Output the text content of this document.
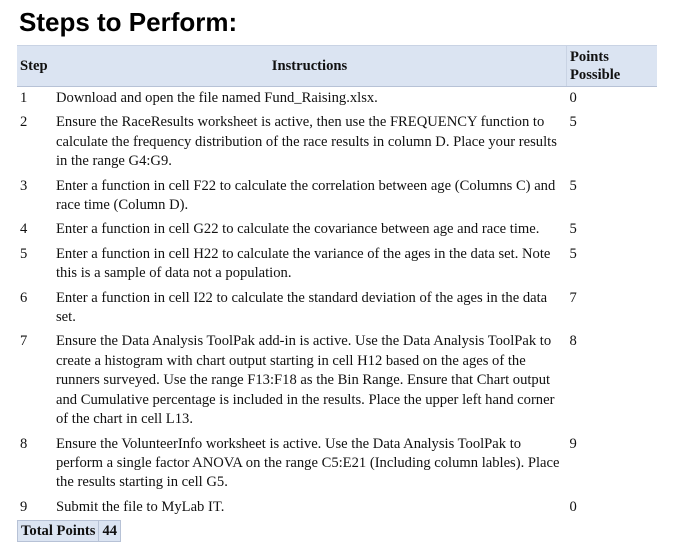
Steps to Perform:
Step	Instructions	Points
Possible
1	Download and open the file named Fund_Raising.xlsx.	0
2	Ensure the RaceResults worksheet is active, then use the FREQUENCY function to calculate the frequency distribution of the race results in column D. Place your results in the range G4:G9.	5
3	Enter a function in cell F22 to calculate the correlation between age (Columns C) and race time (Column D).	5
4	Enter a function in cell G22 to calculate the covariance between age and race time.	5
5	Enter a function in cell H22 to calculate the variance of the ages in the data set. Note this is a sample of data not a population.	5
6	Enter a function in cell I22 to calculate the standard deviation of the ages in the data set.	7
7	Ensure the Data Analysis ToolPak add-in is active. Use the Data Analysis ToolPak to create a histogram with chart output starting in cell H12 based on the ages of the runners surveyed. Use the range F13:F18 as the Bin Range. Ensure that Chart output and Cumulative percentage is included in the results. Place the upper left hand corner of the chart in cell L13.	8
8	Ensure the VolunteerInfo worksheet is active. Use the Data Analysis ToolPak to perform a single factor ANOVA on the range C5:E21 (Including column lables). Place the results starting in cell G5.	9
9	Submit the file to MyLab IT.	0
Total Points 44		
